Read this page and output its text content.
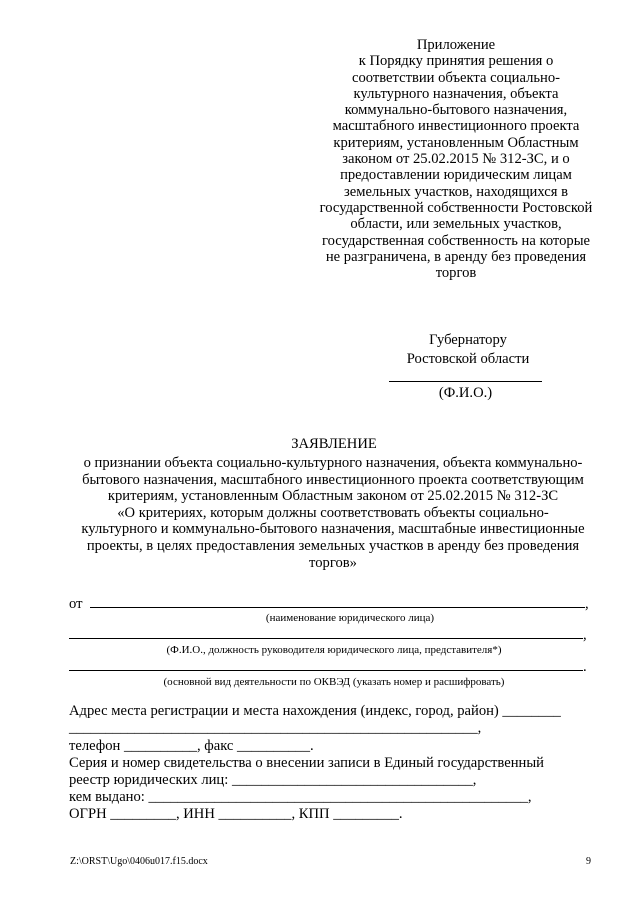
Приложение
к Порядку принятия решения о
соответствии объекта социально-
культурного назначения, объекта
коммунально-бытового назначения,
масштабного инвестиционного проекта
критериям, установленным Областным
законом от 25.02.2015 № 312-ЗС, и о
предоставлении юридическим лицам
земельных участков, находящихся в
государственной собственности Ростовской
области, или земельных участков,
государственная собственность на которые
не разграничена, в аренду без проведения
торгов
Губернатору
Ростовской области
(Ф.И.О.)
ЗАЯВЛЕНИЕ
о признании объекта социально-культурного назначения, объекта коммунально-
бытового назначения, масштабного инвестиционного проекта соответствующим
критериям, установленным Областным законом от 25.02.2015 № 312-ЗС
«О критериях, которым должны соответствовать объекты социально-
культурного и коммунально-бытового назначения, масштабные инвестиционные
проекты, в целях предоставления земельных участков в аренду без проведения
торгов»
от	,
(наименование юридического лица)
,
(Ф.И.О., должность руководителя юридического лица, представителя*)
.
(основной вид деятельности по ОКВЭД (указать номер и расшифровать)
Адрес места регистрации и места нахождения (индекс, город, район) ________
________________________________________________________,
телефон __________, факс __________.
Серия и номер свидетельства о внесении записи в Единый государственный
реестр юридических лиц: _________________________________,
кем выдано: ____________________________________________________,
ОГРН _________, ИНН __________, КПП _________.
Z:\ORST\Ugo\0406u017.f15.docx	9
